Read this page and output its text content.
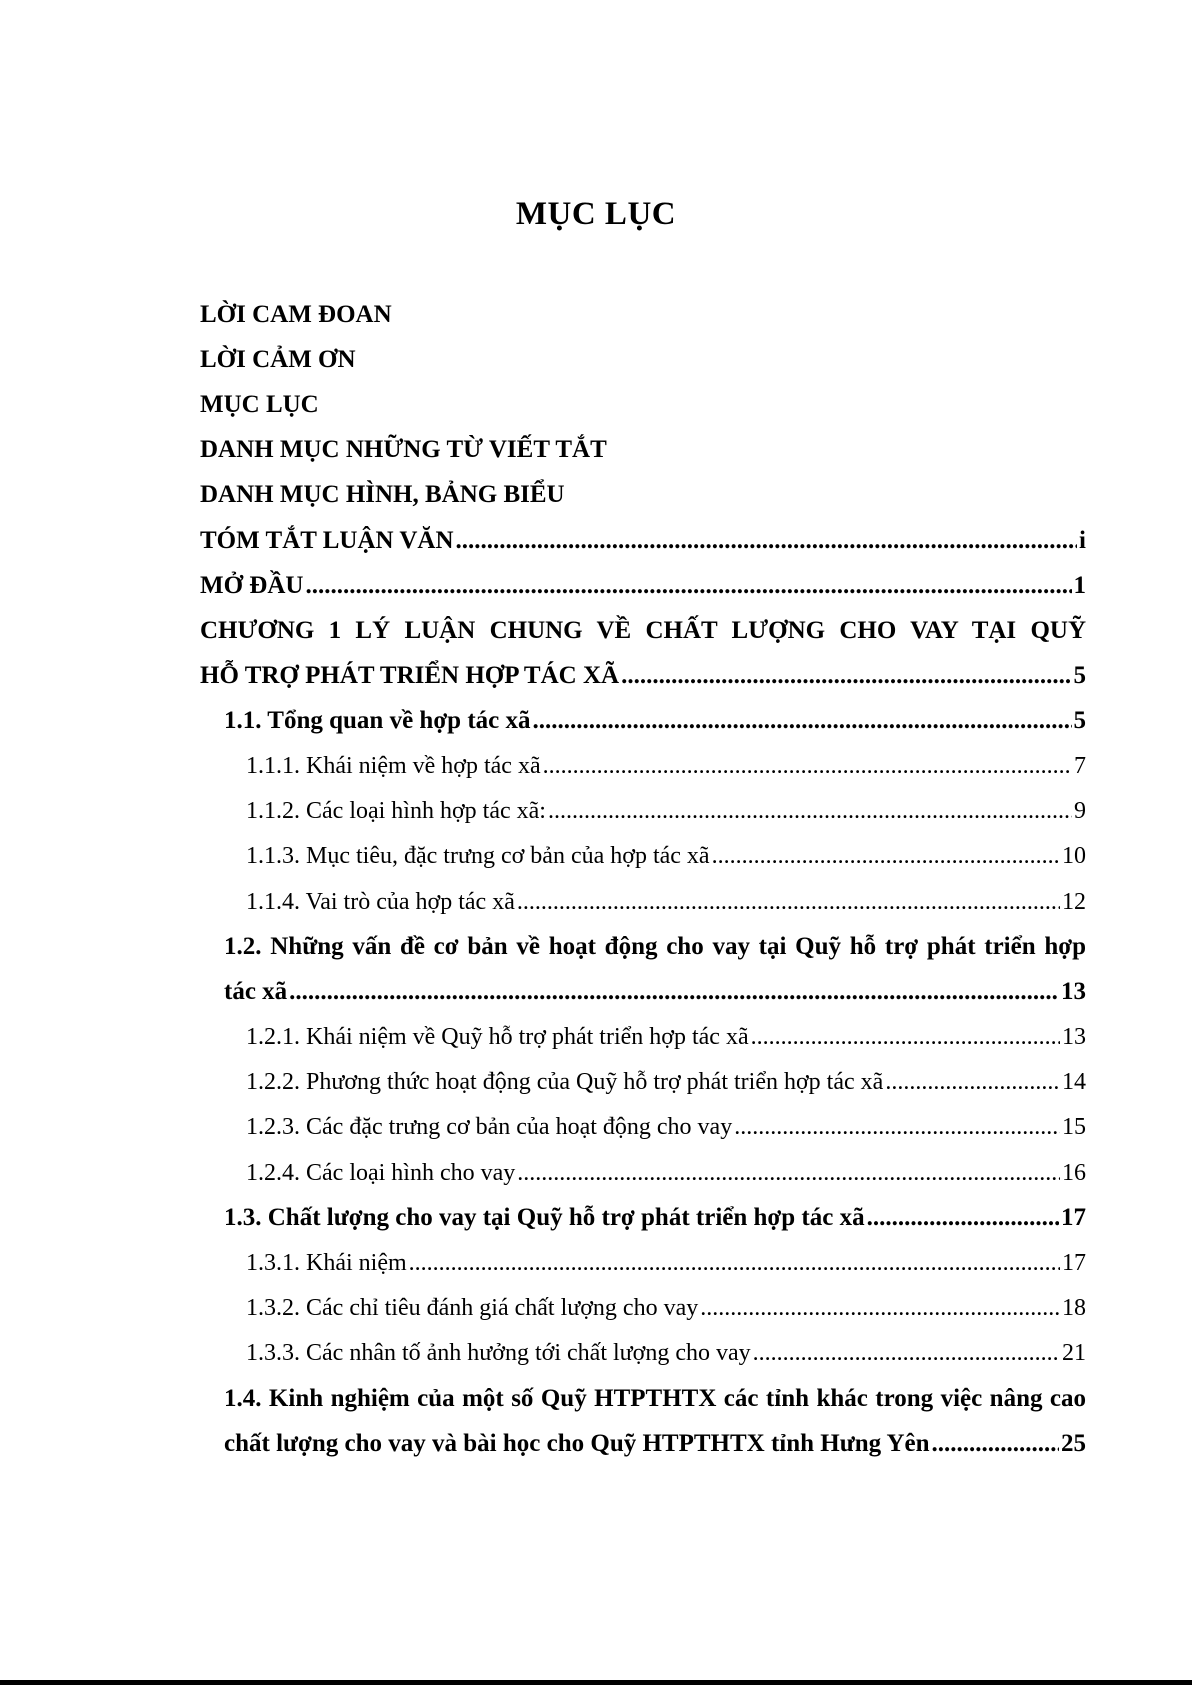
MỤC LỤC
LỜI CAM ĐOAN
LỜI CẢM ƠN
MỤC LỤC
DANH MỤC NHỮNG TỪ VIẾT TẮT
DANH MỤC HÌNH, BẢNG BIỂU
TÓM TẮT LUẬN VĂN .....	i
MỞ ĐẦU .....	1
CHƯƠNG 1 LÝ LUẬN CHUNG VỀ CHẤT LƯỢNG CHO VAY TẠI QUỸ
HỖ TRỢ PHÁT TRIỂN HỢP TÁC XÃ .....	5
1.1. Tổng quan về hợp tác xã .....	5
1.1.1. Khái niệm về hợp tác xã .....	7
1.1.2. Các loại hình hợp tác xã: .....	9
1.1.3. Mục tiêu, đặc trưng cơ bản của hợp tác xã .....	10
1.1.4. Vai trò của hợp tác xã .....	12
1.2. Những vấn đề cơ bản về hoạt động cho vay tại Quỹ hỗ trợ phát triển hợp
tác xã .....	13
1.2.1. Khái niệm về Quỹ hỗ trợ phát triển hợp tác xã .....	13
1.2.2. Phương thức hoạt động của Quỹ hỗ trợ phát triển hợp tác xã .....	14
1.2.3. Các đặc trưng cơ bản của hoạt động cho vay .....	15
1.2.4. Các loại hình cho vay .....	16
1.3. Chất lượng cho vay tại Quỹ hỗ trợ phát triển hợp tác xã .....	17
1.3.1. Khái niệm .....	17
1.3.2. Các chỉ tiêu đánh giá chất lượng cho vay .....	18
1.3.3. Các nhân tố ảnh hưởng tới chất lượng cho vay .....	21
1.4. Kinh nghiệm của một số Quỹ HTPTHTX các tỉnh khác trong việc nâng cao
chất lượng cho vay và bài học cho Quỹ HTPTHTX tỉnh Hưng Yên .....	25
